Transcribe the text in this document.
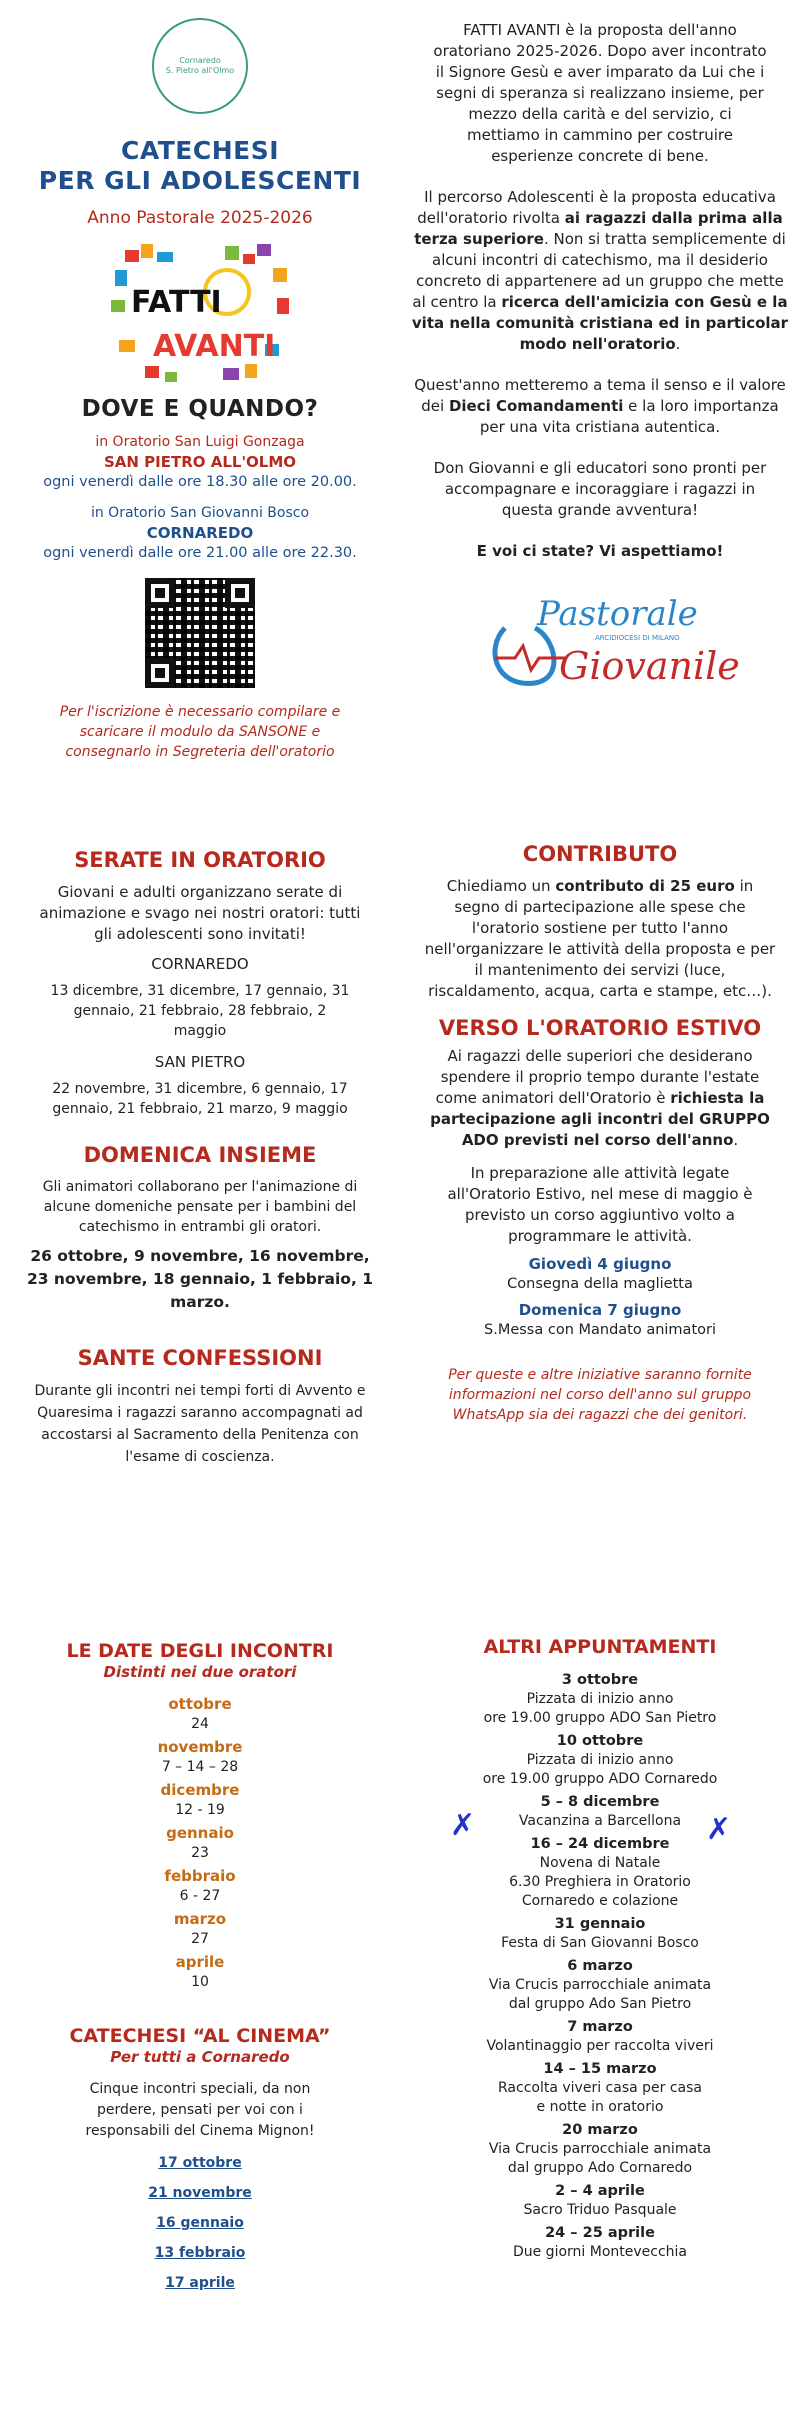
Cornaredo
S. Pietro all'Olmo
CATECHESI
PER GLI ADOLESCENTI
Anno Pastorale 2025-2026
FATTI
AVANTI
DOVE E QUANDO?
in Oratorio San Luigi Gonzaga
SAN PIETRO ALL'OLMO
ogni venerdì dalle ore 18.30 alle ore 20.00.
in Oratorio San Giovanni Bosco
CORNAREDO
ogni venerdì dalle ore 21.00 alle ore 22.30.
Per l'iscrizione è necessario compilare e scaricare il modulo da SANSONE e consegnarlo in Segreteria dell'oratorio
FATTI AVANTI è la proposta dell'anno oratoriano 2025-2026. Dopo aver incontrato il Signore Gesù e aver imparato da Lui che i segni di speranza si realizzano insieme, per mezzo della carità e del servizio, ci mettiamo in cammino per costruire esperienze concrete di bene.
Il percorso Adolescenti è la proposta educativa dell'oratorio rivolta ai ragazzi dalla prima alla terza superiore. Non si tratta semplicemente di alcuni incontri di catechismo, ma il desiderio concreto di appartenere ad un gruppo che mette al centro la ricerca dell'amicizia con Gesù e la vita nella comunità cristiana ed in particolar modo nell'oratorio.
Quest'anno metteremo a tema il senso e il valore dei Dieci Comandamenti e la loro importanza per una vita cristiana autentica.
Don Giovanni e gli educatori sono pronti per accompagnare e incoraggiare i ragazzi in questa grande avventura!
E voi ci state? Vi aspettiamo!
Pastorale
ARCIDIOCESI DI MILANO
Giovanile
SERATE IN ORATORIO
Giovani e adulti organizzano serate di animazione e svago nei nostri oratori: tutti gli adolescenti sono invitati!
CORNAREDO
13 dicembre, 31 dicembre, 17 gennaio, 31 gennaio, 21 febbraio, 28 febbraio, 2 maggio
SAN PIETRO
22 novembre, 31 dicembre, 6 gennaio, 17 gennaio, 21 febbraio, 21 marzo, 9 maggio
DOMENICA INSIEME
Gli animatori collaborano per l'animazione di alcune domeniche pensate per i bambini del catechismo in entrambi gli oratori.
26 ottobre, 9 novembre, 16 novembre, 23 novembre, 18 gennaio, 1 febbraio, 1 marzo.
SANTE CONFESSIONI
Durante gli incontri nei tempi forti di Avvento e Quaresima i ragazzi saranno accompagnati ad accostarsi al Sacramento della Penitenza con l'esame di coscienza.
CONTRIBUTO
Chiediamo un contributo di 25 euro in segno di partecipazione alle spese che l'oratorio sostiene per tutto l'anno nell'organizzare le attività della proposta e per il mantenimento dei servizi (luce, riscaldamento, acqua, carta e stampe, etc…).
VERSO L'ORATORIO ESTIVO
Ai ragazzi delle superiori che desiderano spendere il proprio tempo durante l'estate come animatori dell'Oratorio è richiesta la partecipazione agli incontri del GRUPPO ADO previsti nel corso dell'anno.
In preparazione alle attività legate all'Oratorio Estivo, nel mese di maggio è previsto un corso aggiuntivo volto a programmare le attività.
Giovedì 4 giugno
Consegna della maglietta
Domenica 7 giugno
S.Messa con Mandato animatori
Per queste e altre iniziative saranno fornite informazioni nel corso dell'anno sul gruppo WhatsApp sia dei ragazzi che dei genitori.
LE DATE DEGLI INCONTRI
Distinti nei due oratori
ottobre
24
novembre
7 – 14 – 28
dicembre
12 - 19
gennaio
23
febbraio
6 - 27
marzo
27
aprile
10
CATECHESI “AL CINEMA”
Per tutti a Cornaredo
Cinque incontri speciali, da non perdere, pensati per voi con i responsabili del Cinema Mignon!
17 ottobre
21 novembre
16 gennaio
13 febbraio
17 aprile
ALTRI APPUNTAMENTI
3 ottobre
Pizzata di inizio anno
ore 19.00 gruppo ADO San Pietro
10 ottobre
Pizzata di inizio anno
ore 19.00 gruppo ADO Cornaredo
5 – 8 dicembre
Vacanzina a Barcellona
16 – 24 dicembre
Novena di Natale
6.30 Preghiera in Oratorio
Cornaredo e colazione
31 gennaio
Festa di San Giovanni Bosco
6 marzo
Via Crucis parrocchiale animata
dal gruppo Ado San Pietro
7 marzo
Volantinaggio per raccolta viveri
14 – 15 marzo
Raccolta viveri casa per casa
e notte in oratorio
20 marzo
Via Crucis parrocchiale animata
dal gruppo Ado Cornaredo
2 – 4 aprile
Sacro Triduo Pasquale
24 – 25 aprile
Due giorni Montevecchia
✗	✗
